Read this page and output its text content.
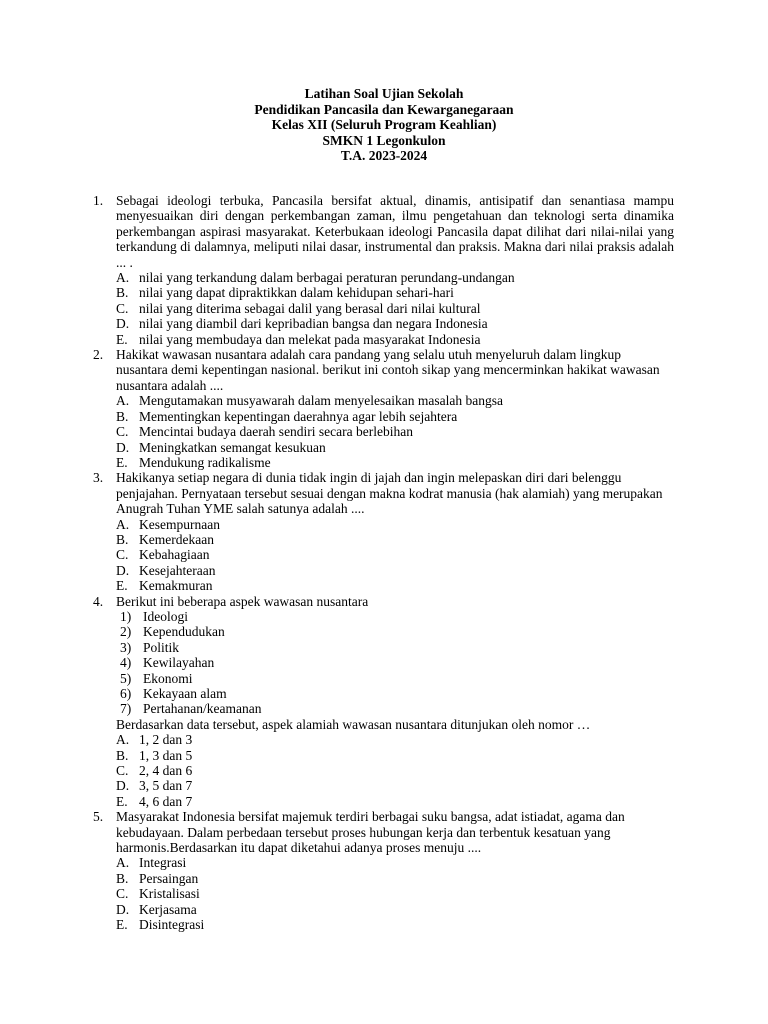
Latihan Soal Ujian Sekolah
Pendidikan Pancasila dan Kewarganegaraan
Kelas XII (Seluruh Program Keahlian)
SMKN 1 Legonkulon
T.A. 2023-2024
1. Sebagai ideologi terbuka, Pancasila bersifat aktual, dinamis, antisipatif dan senantiasa mampu menyesuaikan diri dengan perkembangan zaman, ilmu pengetahuan dan teknologi serta dinamika perkembangan aspirasi masyarakat. Keterbukaan ideologi Pancasila dapat dilihat dari nilai-nilai yang terkandung di dalamnya, meliputi nilai dasar, instrumental dan praksis. Makna dari nilai praksis adalah ... .
A. nilai yang terkandung dalam berbagai peraturan perundang-undangan
B. nilai yang dapat dipraktikkan dalam kehidupan sehari-hari
C. nilai yang diterima sebagai dalil yang berasal dari nilai kultural
D. nilai yang diambil dari kepribadian bangsa dan negara Indonesia
E. nilai yang membudaya dan melekat pada masyarakat Indonesia
2. Hakikat wawasan nusantara adalah cara pandang yang selalu utuh menyeluruh dalam lingkup nusantara demi kepentingan nasional. berikut ini contoh sikap yang mencerminkan hakikat wawasan nusantara adalah ....
A. Mengutamakan musyawarah dalam menyelesaikan masalah bangsa
B. Mementingkan kepentingan daerahnya agar lebih sejahtera
C. Mencintai budaya daerah sendiri secara berlebihan
D. Meningkatkan semangat kesukuan
E. Mendukung radikalisme
3. Hakikanya setiap negara di dunia tidak ingin di jajah dan ingin melepaskan diri dari belenggu penjajahan. Pernyataan tersebut sesuai dengan makna kodrat manusia (hak alamiah) yang merupakan Anugrah Tuhan YME salah satunya adalah ....
A. Kesempurnaan
B. Kemerdekaan
C. Kebahagiaan
D. Kesejahteraan
E. Kemakmuran
4. Berikut ini beberapa aspek wawasan nusantara
1) Ideologi
2) Kependudukan
3) Politik
4) Kewilayahan
5) Ekonomi
6) Kekayaan alam
7) Pertahanan/keamanan
Berdasarkan data tersebut, aspek alamiah wawasan nusantara ditunjukan oleh nomor …
A. 1, 2 dan 3
B. 1, 3 dan 5
C. 2, 4 dan 6
D. 3, 5 dan 7
E. 4, 6 dan 7
5. Masyarakat Indonesia bersifat majemuk terdiri berbagai suku bangsa, adat istiadat, agama dan kebudayaan. Dalam perbedaan tersebut proses hubungan kerja dan terbentuk kesatuan yang harmonis.Berdasarkan itu dapat diketahui adanya proses menuju ....
A. Integrasi
B. Persaingan
C. Kristalisasi
D. Kerjasama
E. Disintegrasi
